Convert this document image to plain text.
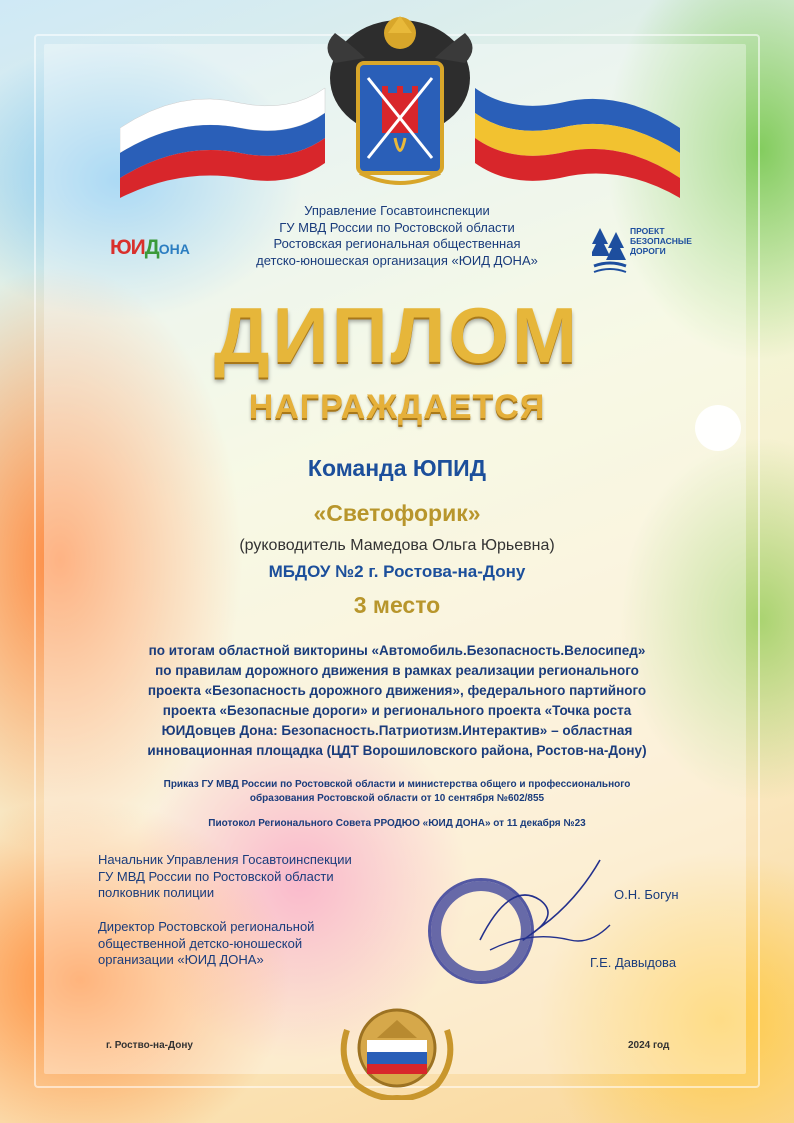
Управление Госавтоинспекции
ГУ МВД России по Ростовской области
Ростовская региональная общественная
детско-юношеская организация «ЮИД ДОНА»
ЮИДОНА
ПРОЕКТ
БЕЗОПАСНЫЕ
ДОРОГИ
ДИПЛОМ
НАГРАЖДАЕТСЯ
Команда ЮПИД
«Светофорик»
(руководитель Мамедова Ольга Юрьевна)
МБДОУ №2 г. Ростова-на-Дону
3 место
по итогам областной викторины «Автомобиль.Безопасность.Велосипед»
по правилам дорожного движения в рамках реализации регионального
проекта «Безопасность дорожного движения», федерального партийного
проекта «Безопасные дороги» и регионального проекта «Точка роста
ЮИДовцев Дона: Безопасность.Патриотизм.Интерактив» – областная
инновационная площадка (ЦДТ Ворошиловского района, Ростов-на-Дону)
Приказ ГУ МВД России по Ростовской области и министерства общего и профессионального
образования Ростовской области от 10 сентября №602/855
Пиотокол Регионального Совета РРОДЮО «ЮИД ДОНА» от 11 декабря №23
Начальник Управления Госавтоинспекции
ГУ МВД России по Ростовской области
полковник полиции	О.Н. Богун
Директор Ростовской региональной
общественной детско-юношеской
организации «ЮИД ДОНА»	Г.Е. Давыдова
г. Роство-на-Дону	2024 год
